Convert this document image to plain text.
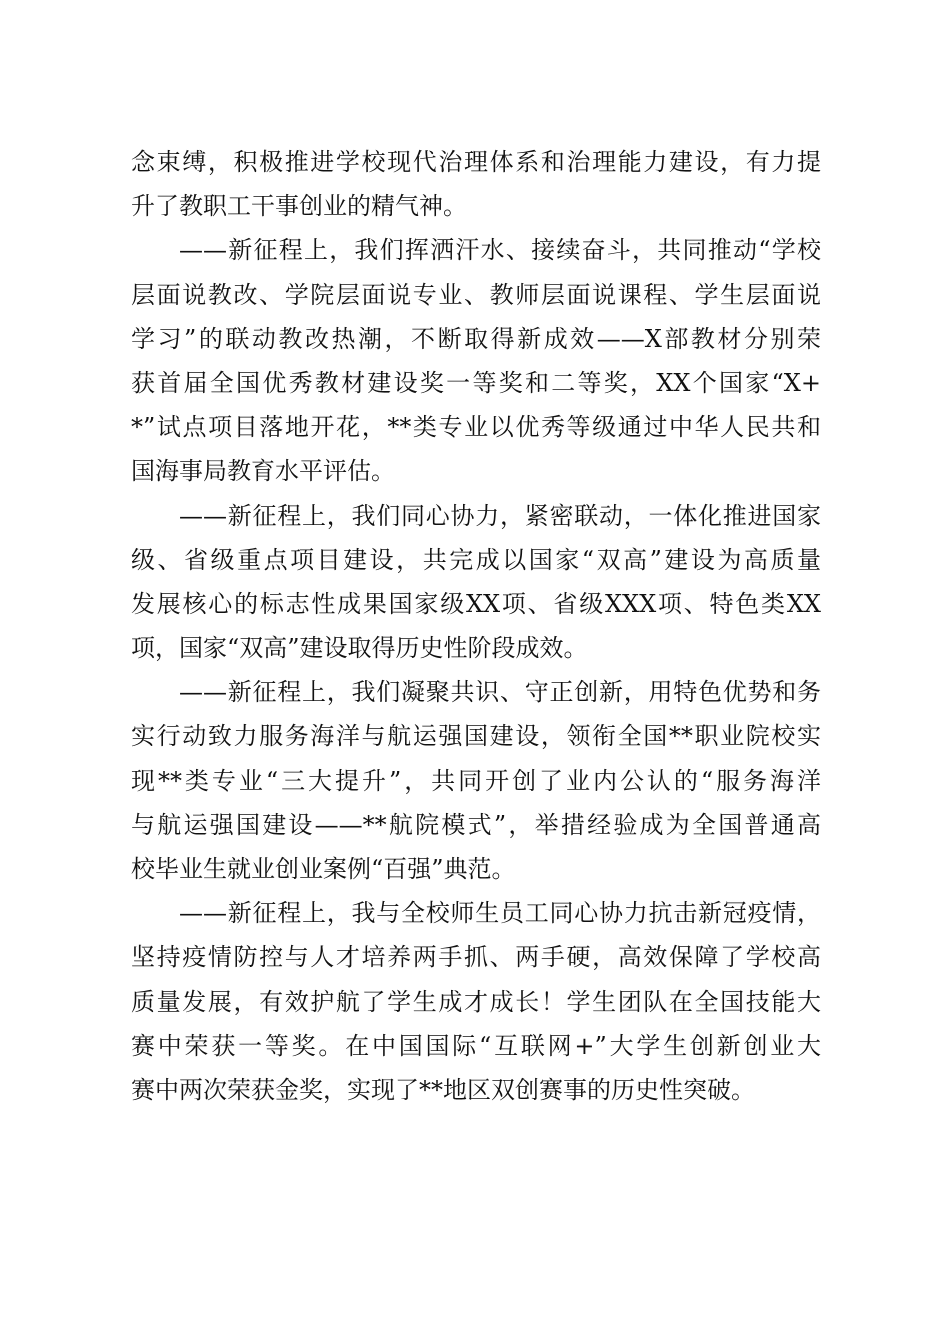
念束缚，积极推进学校现代治理体系和治理能力建设，有力提
升了教职工干事创业的精气神。
——新征程上，我们挥洒汗水、接续奋斗，共同推动“学校
层面说教改、学院层面说专业、教师层面说课程、学生层面说
学习”的联动教改热潮，不断取得新成效——X部教材分别荣
获首届全国优秀教材建设奖一等奖和二等奖，XX个国家“X+
*”试点项目落地开花，**类专业以优秀等级通过中华人民共和
国海事局教育水平评估。
——新征程上，我们同心协力，紧密联动，一体化推进国家
级、省级重点项目建设，共完成以国家“双高”建设为高质量
发展核心的标志性成果国家级XX项、省级XXX项、特色类XX
项，国家“双高”建设取得历史性阶段成效。
——新征程上，我们凝聚共识、守正创新，用特色优势和务
实行动致力服务海洋与航运强国建设，领衔全国**职业院校实
现**类专业“三大提升”，共同开创了业内公认的“服务海洋
与航运强国建设——**航院模式”，举措经验成为全国普通高
校毕业生就业创业案例“百强”典范。
——新征程上，我与全校师生员工同心协力抗击新冠疫情，
坚持疫情防控与人才培养两手抓、两手硬，高效保障了学校高
质量发展，有效护航了学生成才成长！学生团队在全国技能大
赛中荣获一等奖。在中国国际“互联网+”大学生创新创业大
赛中两次荣获金奖，实现了**地区双创赛事的历史性突破。
